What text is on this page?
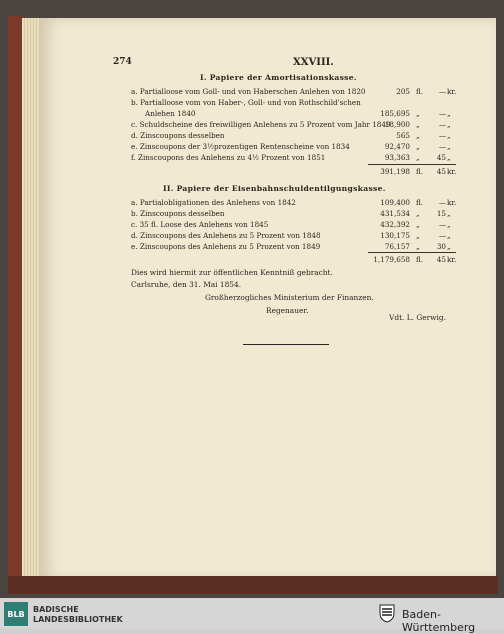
274	XXVIII.
I. Papiere der Amortisationskasse.
a. Partialloose vom Goll- und von Haberschen Anlehen von 1820	205 fl.	— kr.
b. Partialloose vom von Haber-, Goll- und von Rothschild'schen
Anlehen 1840	185,695 „	— „
c. Schuldscheine des freiwilligen Anlehens zu 5 Prozent vom Jahr 1849
18,900 „	— „
d. Zinscoupons desselben	565 „	— „
e. Zinscoupons der 3½prozentigen Rentenscheine von 1834	92,470 „	— „
f. Zinscoupons des Anlehens zu 4½ Prozent von 1851	93,363 „	45 „
391,198 fl.	45 kr.
II. Papiere der Eisenbahnschuldentilgungskasse.
a. Partialobligationen des Anlehens von 1842	109,400 fl.	— kr.
b. Zinscoupons desselben	431,534 „	15 „
c. 35 fl. Loose des Anlehens von 1845	432,392 „	— „
d. Zinscoupons des Anlehens zu 5 Prozent von 1848	130,175 „	— „
e. Zinscoupons des Anlehens zu 5 Prozent von 1849	76,157 „	30 „
1,179,658 fl.	45 kr.
Dies wird hiermit zur öffentlichen Kenntniß gebracht.
Carlsruhe, den 31. Mai 1854.
Großherzogliches Ministerium der Finanzen.
Regenauer.
Vdt. L. Gerwig.
BLB	BADISCHE
LANDESBIBLIOTHEK	Baden-Württemberg
